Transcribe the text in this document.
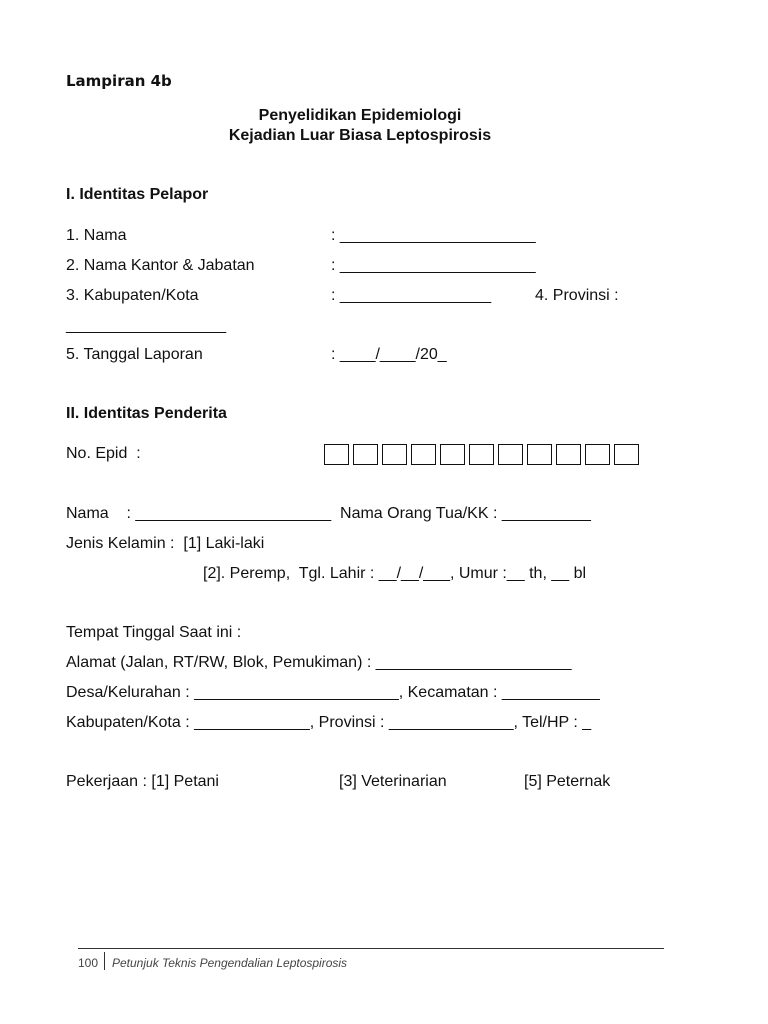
Lampiran 4b
Penyelidikan Epidemiologi
Kejadian Luar Biasa Leptospirosis
I. Identitas Pelapor
1. Nama	: ______________________
2. Nama Kantor & Jabatan	: ______________________
3. Kabupaten/Kota	: _________________	4. Provinsi :
__________________
5. Tanggal Laporan	: ____/____/20_
II. Identitas Penderita
No. Epid  :
Nama    : ______________________  Nama Orang Tua/KK : __________
Jenis Kelamin :  [1] Laki-laki
[2]. Peremp,  Tgl. Lahir : __/__/___, Umur :__ th, __ bl
Tempat Tinggal Saat ini :
Alamat (Jalan, RT/RW, Blok, Pemukiman) : ______________________
Desa/Kelurahan : _______________________, Kecamatan : ___________
Kabupaten/Kota : _____________, Provinsi : ______________, Tel/HP : _
Pekerjaan : [1] Petani	[3] Veterinarian	[5] Peternak
100 Petunjuk Teknis Pengendalian Leptospirosis
